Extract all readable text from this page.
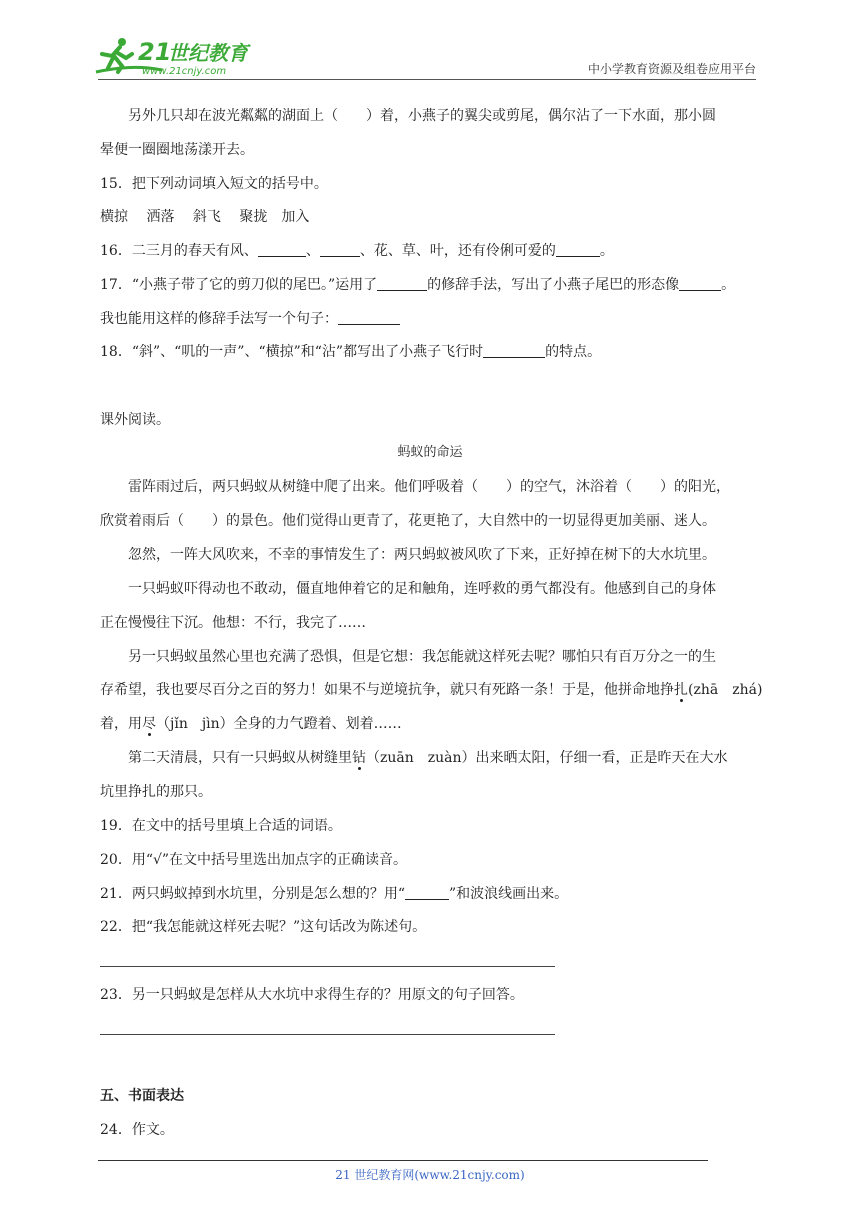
21
世纪教育
www.21cnjy.com	中小学教育资源及组卷应用平台
另外几只却在波光粼粼的湖面上（　　）着，小燕子的翼尖或剪尾，偶尔沾了一下水面，那小圆
晕便一圈圈地荡漾开去。
15．把下列动词填入短文的括号中。
横掠　 洒落　 斜飞　 聚拢　加入
16．二三月的春天有风、	、	、花、草、叶，还有伶俐可爱的	。
17．“小燕子带了它的剪刀似的尾巴。”运用了	的修辞手法，写出了小燕子尾巴的形态像	。
我也能用这样的修辞手法写一个句子：
18．“斜”、“叽的一声”、“横掠”和“沾”都写出了小燕子飞行时	的特点。
课外阅读。
蚂蚁的命运
雷阵雨过后，两只蚂蚁从树缝中爬了出来。他们呼吸着（　　）的空气，沐浴着（　　）的阳光，
欣赏着雨后（　　）的景色。他们觉得山更青了，花更艳了，大自然中的一切显得更加美丽、迷人。
忽然，一阵大风吹来，不幸的事情发生了：两只蚂蚁被风吹了下来，正好掉在树下的大水坑里。
一只蚂蚁吓得动也不敢动，僵直地伸着它的足和触角，连呼救的勇气都没有。他感到自己的身体
正在慢慢往下沉。他想：不行，我完了……
另一只蚂蚁虽然心里也充满了恐惧，但是它想：我怎能就这样死去呢？哪怕只有百万分之一的生
存希望，我也要尽百分之百的努力！如果不与逆境抗争，就只有死路一条！于是，他拼命地挣扎(zhā　zhá)
着，用尽（jǐn　jìn）全身的力气蹬着、划着……
第二天清晨，只有一只蚂蚁从树缝里钻（zuān　zuàn）出来晒太阳，仔细一看，正是昨天在大水
坑里挣扎的那只。
19．在文中的括号里填上合适的词语。
20．用“√”在文中括号里选出加点字的正确读音。
21．两只蚂蚁掉到水坑里，分别是怎么想的？用“	”和波浪线画出来。
22．把“我怎能就这样死去呢？”这句话改为陈述句。
23．另一只蚂蚁是怎样从大水坑中求得生存的？用原文的句子回答。
五、书面表达
24．作文。
21 世纪教育网(www.21cnjy.com)
